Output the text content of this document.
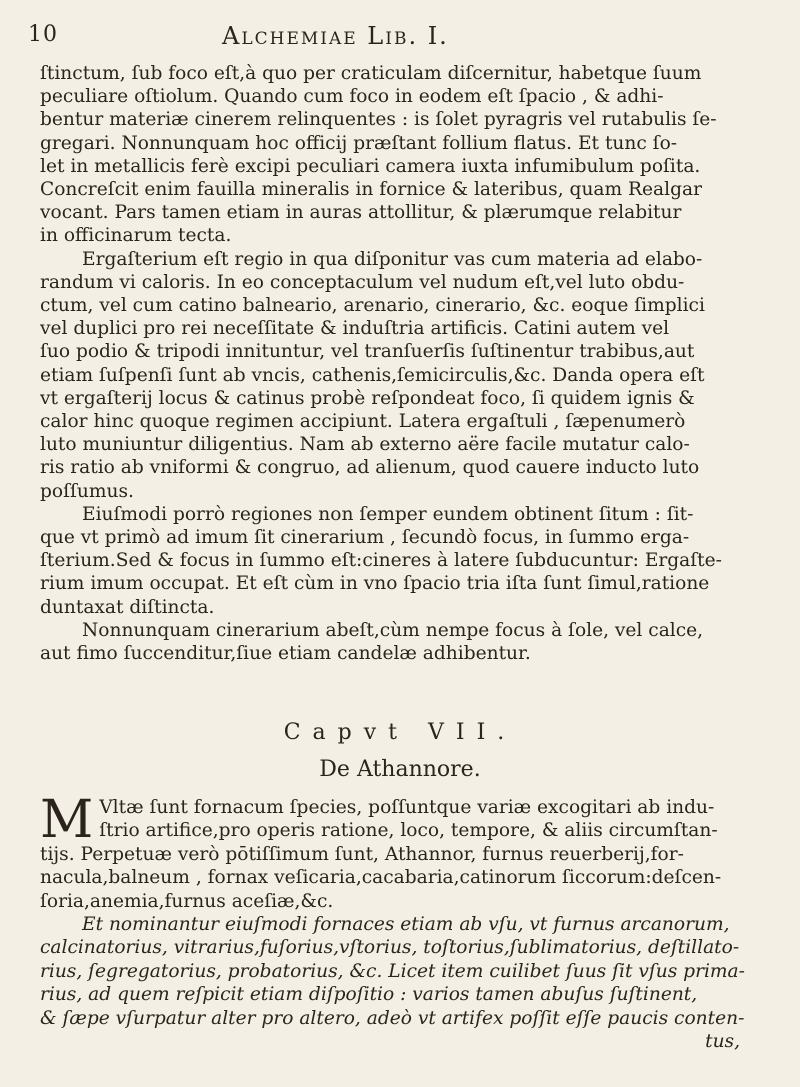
10	Alchemiae Lib. I.
ſtinctum, ſub foco eſt,à quo per craticulam diſcernitur, habetque ſuum
peculiare oſtiolum. Quando cum foco in eodem eſt ſpacio , & adhi-
bentur materiæ cinerem relinquentes : is ſolet pyragris vel rutabulis ſe-
gregari. Nonnunquam hoc officij præſtant follium flatus. Et tunc ſo-
let in metallicis ferè excipi peculiari camera iuxta infumibulum poſita.
Concreſcit enim fauilla mineralis in fornice & lateribus, quam Realgar
vocant. Pars tamen etiam in auras attollitur, & plærumque relabitur
in officinarum tecta.
Ergaſterium eſt regio in qua diſponitur vas cum materia ad elabo-
randum vi caloris. In eo conceptaculum vel nudum eſt,vel luto obdu-
ctum, vel cum catino balneario, arenario, cinerario, &c. eoque ſimplici
vel duplici pro rei neceſſitate & induſtria artificis. Catini autem vel
ſuo podio & tripodi innituntur, vel tranſuerſis ſuſtinentur trabibus,aut
etiam ſuſpenſi ſunt ab vncis, cathenis,ſemicirculis,&c. Danda opera eſt
vt ergaſterij locus & catinus probè reſpondeat foco, ſi quidem ignis &
calor hinc quoque regimen accipiunt. Latera ergaſtuli , ſæpenumerò
luto muniuntur diligentius. Nam ab externo aëre facile mutatur calo-
ris ratio ab vniformi & congruo, ad alienum, quod cauere inducto luto
poſſumus.
Eiuſmodi porrò regiones non ſemper eundem obtinent ſitum : ſit-
que vt primò ad imum ſit cinerarium , ſecundò focus, in ſummo erga-
ſterium.Sed & focus in ſummo eſt:cineres à latere ſubducuntur: Ergaſte-
rium imum occupat. Et eſt cùm in vno ſpacio tria iſta ſunt ſimul,ratione
duntaxat diſtincta.
Nonnunquam cinerarium abeſt,cùm nempe focus à ſole, vel calce,
aut fimo ſuccenditur,ſiue etiam candelæ adhibentur.
Capvt VII.
De Athannore.
M Vltæ ſunt fornacum ſpecies, poſſuntque variæ excogitari ab indu-
ſtrio artifice,pro operis ratione, loco, tempore, & aliis circumſtan-
tijs. Perpetuæ verò pōtiſſimum ſunt, Athannor, furnus reuerberij,for-
nacula,balneum , fornax veſicaria,cacabaria,catinorum ſiccorum:deſcen-
ſoria,anemia,furnus aceſiæ,&c.
Et nominantur eiuſmodi fornaces etiam ab vſu, vt furnus arcanorum,
calcinatorius, vitrarius,fuſorius,vſtorius, toſtorius,ſublimatorius, deſtillato-
rius, ſegregatorius, probatorius, &c. Licet item cuilibet ſuus ſit vſus prima-
rius, ad quem reſpicit etiam diſpoſitio : varios tamen abuſus ſuſtinent,
& ſæpe vſurpatur alter pro altero, adeò vt artifex poſſit eſſe paucis conten-
tus,
